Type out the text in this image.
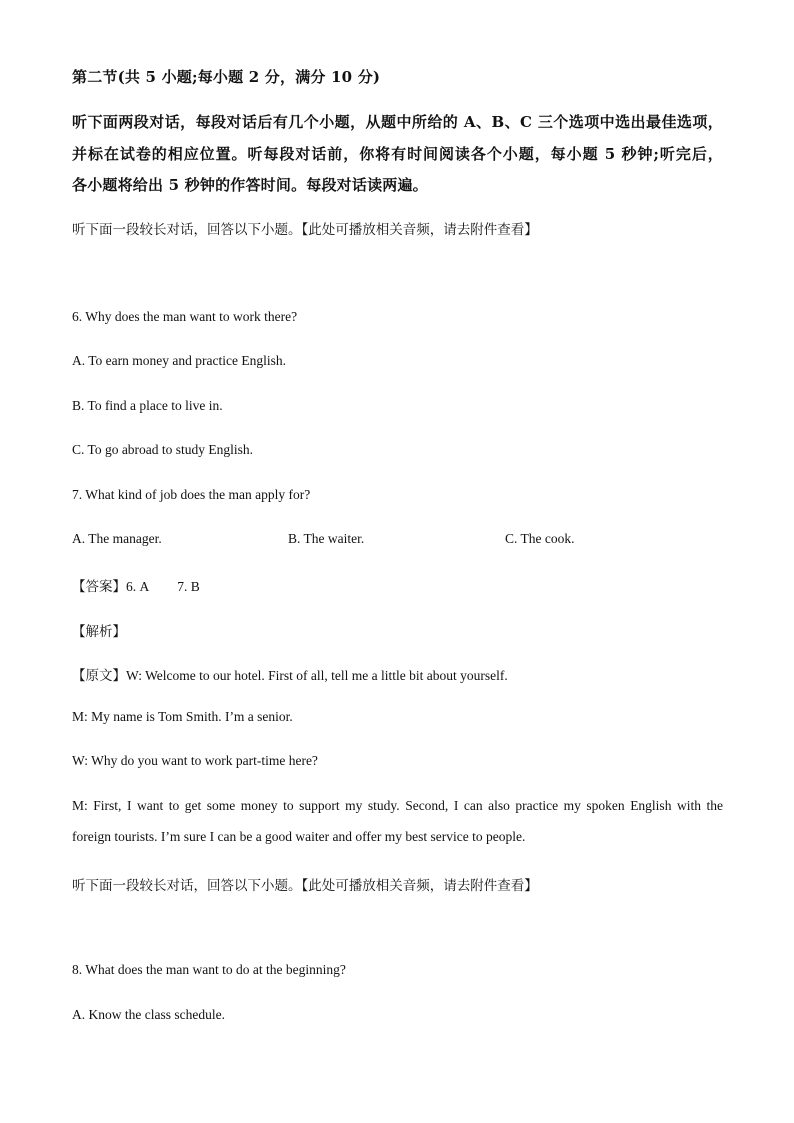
第二节(共 5 小题;每小题 2 分，满分 10 分)

听下面两段对话，每段对话后有几个小题，从题中所给的 A、B、C 三个选项中选出最佳选项，

并标在试卷的相应位置。听每段对话前，你将有时间阅读各个小题，每小题 5 秒钟;听完后，

各小题将给出 5 秒钟的作答时间。每段对话读两遍。

听下面一段较长对话，回答以下小题。【此处可播放相关音频，请去附件查看】

6. Why does the man want to work there?

A. To earn money and practice English.

B. To find a place to live in.

C. To go abroad to study English.

7. What kind of job does the man apply for?

A. The manager.	B. The waiter.	C. The cook.

【答案】6. A 7. B

【解析】

【原文】W: Welcome to our hotel. First of all, tell me a little bit about yourself.

M: My name is Tom Smith. I’m a senior.

W: Why do you want to work part-time here?

M: First, I want to get some money to support my study. Second, I can also practice my spoken English with the

foreign tourists. I’m sure I can be a good waiter and offer my best service to people.

听下面一段较长对话，回答以下小题。【此处可播放相关音频，请去附件查看】

8. What does the man want to do at the beginning?

A. Know the class schedule.
